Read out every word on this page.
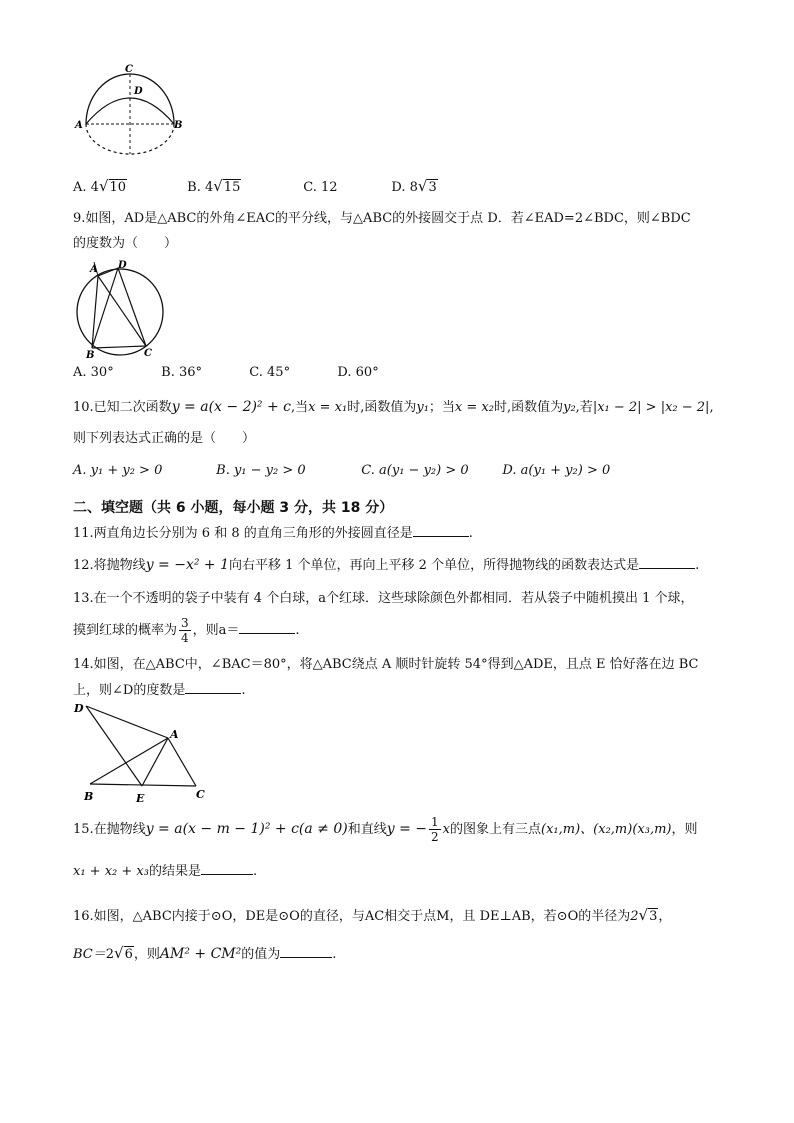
C
D
A	B
A. 4√10	B. 4√15	C. 12	D. 8√3
9.如图，AD是△ABC的外角∠EAC的平分线，与△ABC的外接圆交于点 D．若∠EAD=2∠BDC，则∠BDC
的度数为（　　）
A D
B	C
A. 30°	B. 36°	C. 45°	D. 60°
10.已知二次函数y = a(x − 2)² + c,当x = x₁时,函数值为y₁；当x = x₂时,函数值为y₂,若|x₁ − 2| > |x₂ − 2|,
则下列表达式正确的是（　　）
A. y₁ + y₂ > 0	B. y₁ − y₂ > 0	C. a(y₁ − y₂) > 0	D. a(y₁ + y₂) > 0
二、填空题（共 6 小题，每小题 3 分，共 18 分）
11.两直角边长分别为 6 和 8 的直角三角形的外接圆直径是	.
12.将抛物线y = −x² + 1向右平移 1 个单位，再向上平移 2 个单位，所得抛物线的函数表达式是	.
13.在一个不透明的袋子中装有 4 个白球，a个红球．这些球除颜色外都相同．若从袋子中随机摸出 1 个球，
摸到红球的概率为 $\frac{3}{4}$ ，则a＝	.
14.如图，在△ABC中，∠BAC＝80°，将△ABC绕点 A 顺时针旋转 54°得到△ADE，且点 E 恰好落在边 BC
上，则∠D的度数是	.
D
A
B	E	C
15.在抛物线y = a(x − m − 1)² + c(a ≠ 0)和直线y = − $\frac{1}{2}$ x的图象上有三点(x₁,m)、(x₂,m)(x₃,m)，则
x₁ + x₂ + x₃的结果是	.
16.如图，△ABC内接于⊙O，DE是⊙O的直径，与AC相交于点M，且 DE⊥AB，若⊙O的半径为2√3，
BC＝2√6，则AM² + CM²的值为	.
